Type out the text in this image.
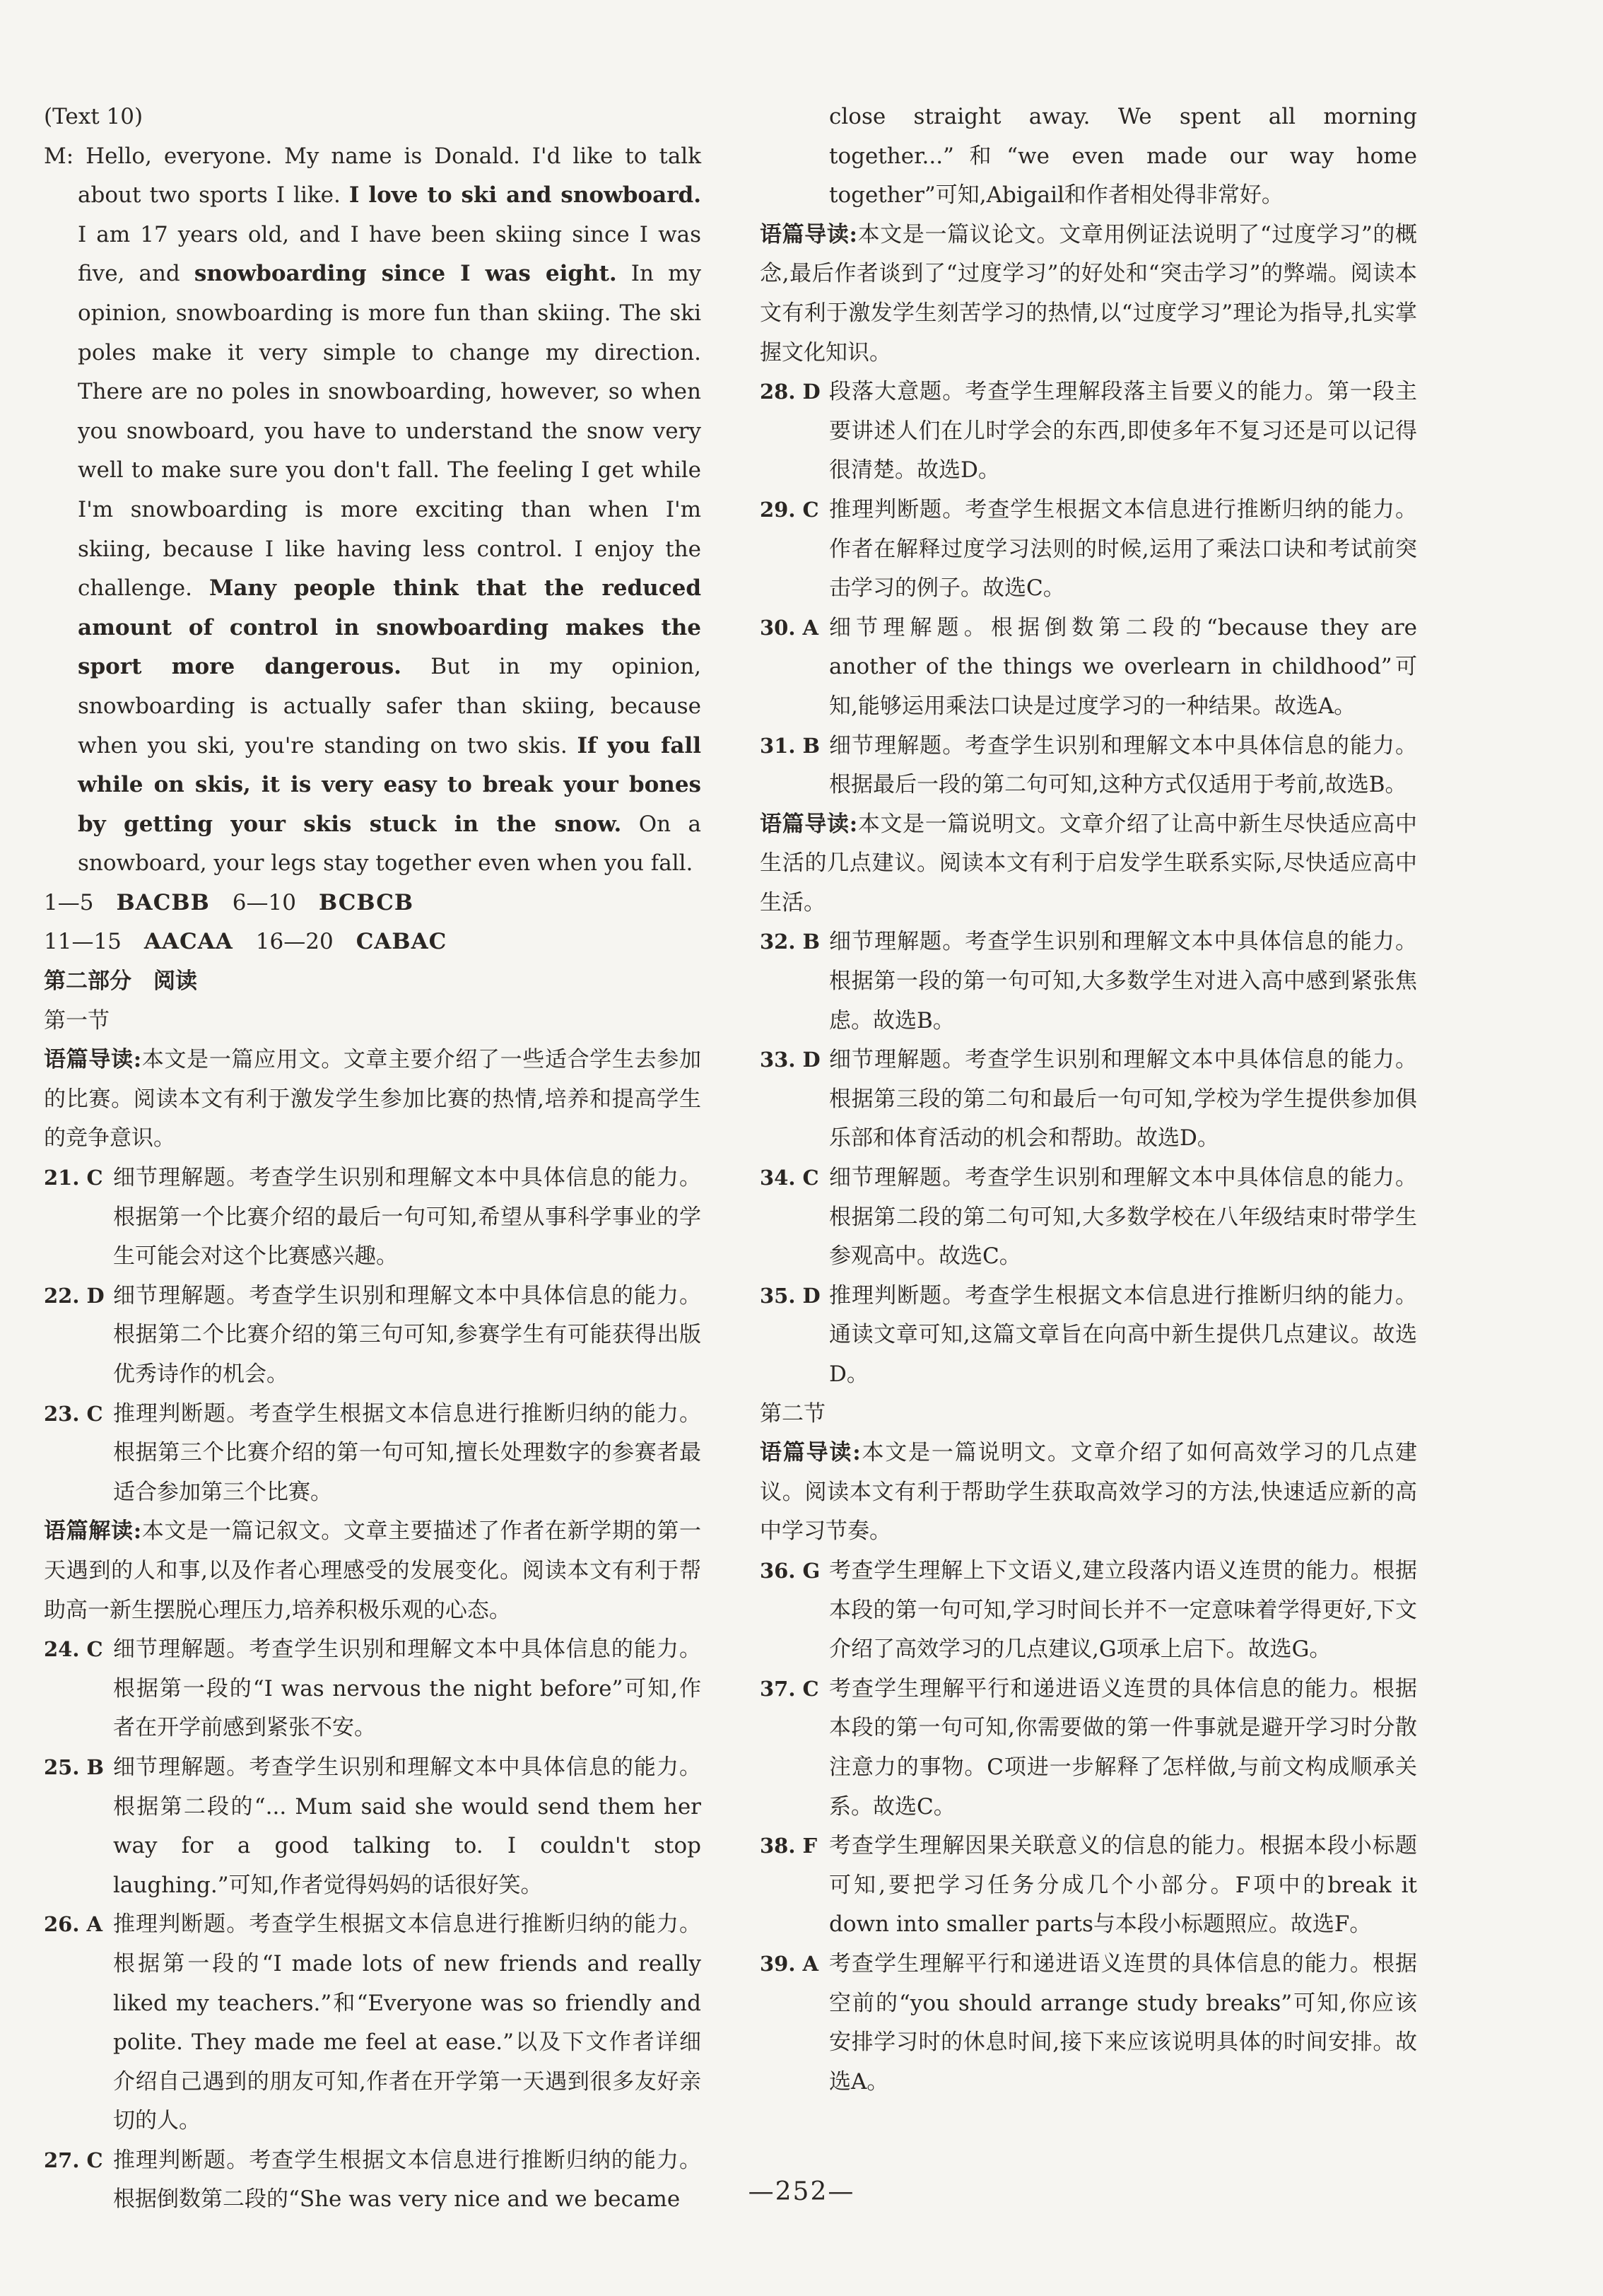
(Text 10)

M: Hello, everyone. My name is Donald. I'd like to talk about two sports I like. I love to ski and snowboard. I am 17 years old, and I have been skiing since I was five, and snowboarding since I was eight. In my opinion, snowboarding is more fun than skiing. The ski poles make it very simple to change my direction. There are no poles in snowboarding, however, so when you snowboard, you have to understand the snow very well to make sure you don't fall. The feeling I get while I'm snowboarding is more exciting than when I'm skiing, because I like having less control. I enjoy the challenge. Many people think that the reduced amount of control in snowboarding makes the sport more dangerous. But in my opinion, snowboarding is actually safer than skiing, because when you ski, you're standing on two skis. If you fall while on skis, it is very easy to break your bones by getting your skis stuck in the snow. On a snowboard, your legs stay together even when you fall.

1—5 BACBB 6—10 BCBCB

11—15 AACAA 16—20 CABAC

第二部分　阅读

第一节

语篇导读:本文是一篇应用文。文章主要介绍了一些适合学生去参加的比赛。阅读本文有利于激发学生参加比赛的热情,培养和提高学生的竞争意识。

21. C 细节理解题。考查学生识别和理解文本中具体信息的能力。根据第一个比赛介绍的最后一句可知,希望从事科学事业的学生可能会对这个比赛感兴趣。
22. D 细节理解题。考查学生识别和理解文本中具体信息的能力。根据第二个比赛介绍的第三句可知,参赛学生有可能获得出版优秀诗作的机会。
23. C 推理判断题。考查学生根据文本信息进行推断归纳的能力。根据第三个比赛介绍的第一句可知,擅长处理数字的参赛者最适合参加第三个比赛。

语篇解读:本文是一篇记叙文。文章主要描述了作者在新学期的第一天遇到的人和事,以及作者心理感受的发展变化。阅读本文有利于帮助高一新生摆脱心理压力,培养积极乐观的心态。

24. C 细节理解题。考查学生识别和理解文本中具体信息的能力。根据第一段的“I was nervous the night before”可知,作者在开学前感到紧张不安。
25. B 细节理解题。考查学生识别和理解文本中具体信息的能力。根据第二段的“... Mum said she would send them her way for a good talking to. I couldn't stop laughing.”可知,作者觉得妈妈的话很好笑。
26. A 推理判断题。考查学生根据文本信息进行推断归纳的能力。根据第一段的“I made lots of new friends and really liked my teachers.”和“Everyone was so friendly and polite. They made me feel at ease.”以及下文作者详细介绍自己遇到的朋友可知,作者在开学第一天遇到很多友好亲切的人。
27. C 推理判断题。考查学生根据文本信息进行推断归纳的能力。根据倒数第二段的“She was very nice and we became

close straight away. We spent all morning together...”和“we even made our way home together”可知,Abigail和作者相处得非常好。

语篇导读:本文是一篇议论文。文章用例证法说明了“过度学习”的概念,最后作者谈到了“过度学习”的好处和“突击学习”的弊端。阅读本文有利于激发学生刻苦学习的热情,以“过度学习”理论为指导,扎实掌握文化知识。

28. D 段落大意题。考查学生理解段落主旨要义的能力。第一段主要讲述人们在儿时学会的东西,即使多年不复习还是可以记得很清楚。故选D。
29. C 推理判断题。考查学生根据文本信息进行推断归纳的能力。作者在解释过度学习法则的时候,运用了乘法口诀和考试前突击学习的例子。故选C。
30. A 细节理解题。根据倒数第二段的“because they are another of the things we overlearn in childhood”可知,能够运用乘法口诀是过度学习的一种结果。故选A。
31. B 细节理解题。考查学生识别和理解文本中具体信息的能力。根据最后一段的第二句可知,这种方式仅适用于考前,故选B。

语篇导读:本文是一篇说明文。文章介绍了让高中新生尽快适应高中生活的几点建议。阅读本文有利于启发学生联系实际,尽快适应高中生活。

32. B 细节理解题。考查学生识别和理解文本中具体信息的能力。根据第一段的第一句可知,大多数学生对进入高中感到紧张焦虑。故选B。
33. D 细节理解题。考查学生识别和理解文本中具体信息的能力。根据第三段的第二句和最后一句可知,学校为学生提供参加俱乐部和体育活动的机会和帮助。故选D。
34. C 细节理解题。考查学生识别和理解文本中具体信息的能力。根据第二段的第二句可知,大多数学校在八年级结束时带学生参观高中。故选C。
35. D 推理判断题。考查学生根据文本信息进行推断归纳的能力。通读文章可知,这篇文章旨在向高中新生提供几点建议。故选D。

第二节

语篇导读:本文是一篇说明文。文章介绍了如何高效学习的几点建议。阅读本文有利于帮助学生获取高效学习的方法,快速适应新的高中学习节奏。

36. G 考查学生理解上下文语义,建立段落内语义连贯的能力。根据本段的第一句可知,学习时间长并不一定意味着学得更好,下文介绍了高效学习的几点建议,G项承上启下。故选G。
37. C 考查学生理解平行和递进语义连贯的具体信息的能力。根据本段的第一句可知,你需要做的第一件事就是避开学习时分散注意力的事物。C项进一步解释了怎样做,与前文构成顺承关系。故选C。
38. F 考查学生理解因果关联意义的信息的能力。根据本段小标题可知,要把学习任务分成几个小部分。F项中的break it down into smaller parts与本段小标题照应。故选F。
39. A 考查学生理解平行和递进语义连贯的具体信息的能力。根据空前的“you should arrange study breaks”可知,你应该安排学习时的休息时间,接下来应该说明具体的时间安排。故选A。
—252—
